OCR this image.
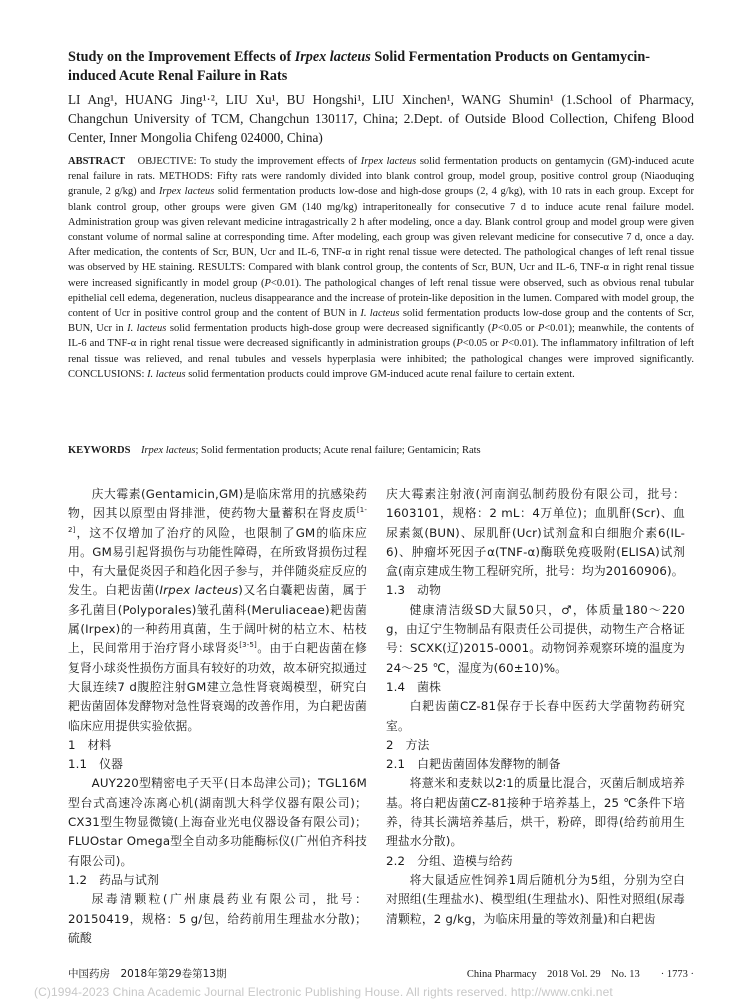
Study on the Improvement Effects of Irpex lacteus Solid Fermentation Products on Gentamycin-induced Acute Renal Failure in Rats
LI Ang¹, HUANG Jing¹·², LIU Xu¹, BU Hongshi¹, LIU Xinchen¹, WANG Shumin¹ (1.School of Pharmacy, Changchun University of TCM, Changchun 130117, China; 2.Dept. of Outside Blood Collection, Chifeng Blood Center, Inner Mongolia Chifeng 024000, China)
ABSTRACT　 OBJECTIVE: To study the improvement effects of Irpex lacteus solid fermentation products on gentamycin (GM)-induced acute renal failure in rats. METHODS: Fifty rats were randomly divided into blank control group, model group, positive control group (Niaoduqing granule, 2 g/kg) and Irpex lacteus solid fermentation products low-dose and high-dose groups (2, 4 g/kg), with 10 rats in each group. Except for blank control group, other groups were given GM (140 mg/kg) intraperitoneally for consecutive 7 d to induce acute renal failure model. Administration group was given relevant medicine intragastrically 2 h after modeling, once a day. Blank control group and model group were given constant volume of normal saline at corresponding time. After modeling, each group was given relevant medicine for consecutive 7 d, once a day. After medication, the contents of Scr, BUN, Ucr and IL-6, TNF-α in right renal tissue were detected. The pathological changes of left renal tissue was observed by HE staining. RESULTS: Compared with blank control group, the contents of Scr, BUN, Ucr and IL-6, TNF-α in right renal tissue were increased significantly in model group (P<0.01). The pathological changes of left renal tissue were observed, such as obvious renal tubular epithelial cell edema, degeneration, nucleus disappearance and the increase of protein-like deposition in the lumen. Compared with model group, the content of Ucr in positive control group and the content of BUN in I. lacteus solid fermentation products low-dose group and the contents of Scr, BUN, Ucr in I. lacteus solid fermentation products high-dose group were decreased significantly (P<0.05 or P<0.01); meanwhile, the contents of IL-6 and TNF-α in right renal tissue were decreased significantly in administration groups (P<0.05 or P<0.01). The inflammatory infiltration of left renal tissue was relieved, and renal tubules and vessels hyperplasia were inhibited; the pathological changes were improved significantly. CONCLUSIONS: I. lacteus solid fermentation products could improve GM-induced acute renal failure to certain extent.
KEYWORDS　 Irpex lacteus; Solid fermentation products; Acute renal failure; Gentamicin; Rats

庆大霉素(Gentamicin,GM)是临床常用的抗感染药物，因其以原型由肾排泄，使药物大量蓄积在肾皮质[1-2]，这不仅增加了治疗的风险，也限制了GM的临床应用。GM易引起肾损伤与功能性障碍，在所致肾损伤过程中，有大量促炎因子和趋化因子参与，并伴随炎症反应的发生。白耙齿菌(Irpex lacteus)又名白囊耙齿菌，属于多孔菌目(Polyporales)皱孔菌科(Meruliaceae)耙齿菌属(Irpex)的一种药用真菌，生于阔叶树的枯立木、枯枝上，民间常用于治疗肾小球肾炎[3-5]。由于白耙齿菌在修复肾小球炎性损伤方面具有较好的功效，故本研究拟通过大鼠连续7 d腹腔注射GM建立急性肾衰竭模型，研究白耙齿菌固体发酵物对急性肾衰竭的改善作用，为白耙齿菌临床应用提供实验依据。

1　材料

1.1　仪器

AUY220型精密电子天平(日本岛津公司)；TGL16M型台式高速冷冻离心机(湖南凯大科学仪器有限公司)；CX31型生物显微镜(上海奋业光电仪器设备有限公司)；FLUOstar Omega型全自动多功能酶标仪(广州伯齐科技有限公司)。

1.2　药品与试剂

尿毒清颗粒(广州康晨药业有限公司，批号：20150419，规格：5 g/包，给药前用生理盐水分散)；硫酸

庆大霉素注射液(河南润弘制药股份有限公司，批号：1603101，规格：2 mL：4万单位)；血肌酐(Scr)、血尿素氮(BUN)、尿肌酐(Ucr)试剂盒和白细胞介素6(IL-6)、肿瘤坏死因子α(TNF-α)酶联免疫吸附(ELISA)试剂盒(南京建成生物工程研究所，批号：均为20160906)。

1.3　动物

健康清洁级SD大鼠50只，♂，体质量180～220 g，由辽宁生物制品有限责任公司提供，动物生产合格证号：SCXK(辽)2015-0001。动物饲养观察环境的温度为24～25 ℃，湿度为(60±10)%。

1.4　菌株

白耙齿菌CZ-81保存于长春中医药大学菌物药研究室。

2　方法

2.1　白耙齿菌固体发酵物的制备

将薏米和麦麸以2∶1的质量比混合，灭菌后制成培养基。将白耙齿菌CZ-81接种于培养基上，25 ℃条件下培养，待其长满培养基后，烘干，粉碎，即得(给药前用生理盐水分散)。

2.2　分组、造模与给药

将大鼠适应性饲养1周后随机分为5组，分别为空白对照组(生理盐水)、模型组(生理盐水)、阳性对照组(尿毒清颗粒，2 g/kg，为临床用量的等效剂量)和白耙齿

中国药房　2018年第29卷第13期	China Pharmacy　2018 Vol. 29　No. 13　　· 1773 ·
(C)1994-2023 China Academic Journal Electronic Publishing House. All rights reserved. http://www.cnki.net
